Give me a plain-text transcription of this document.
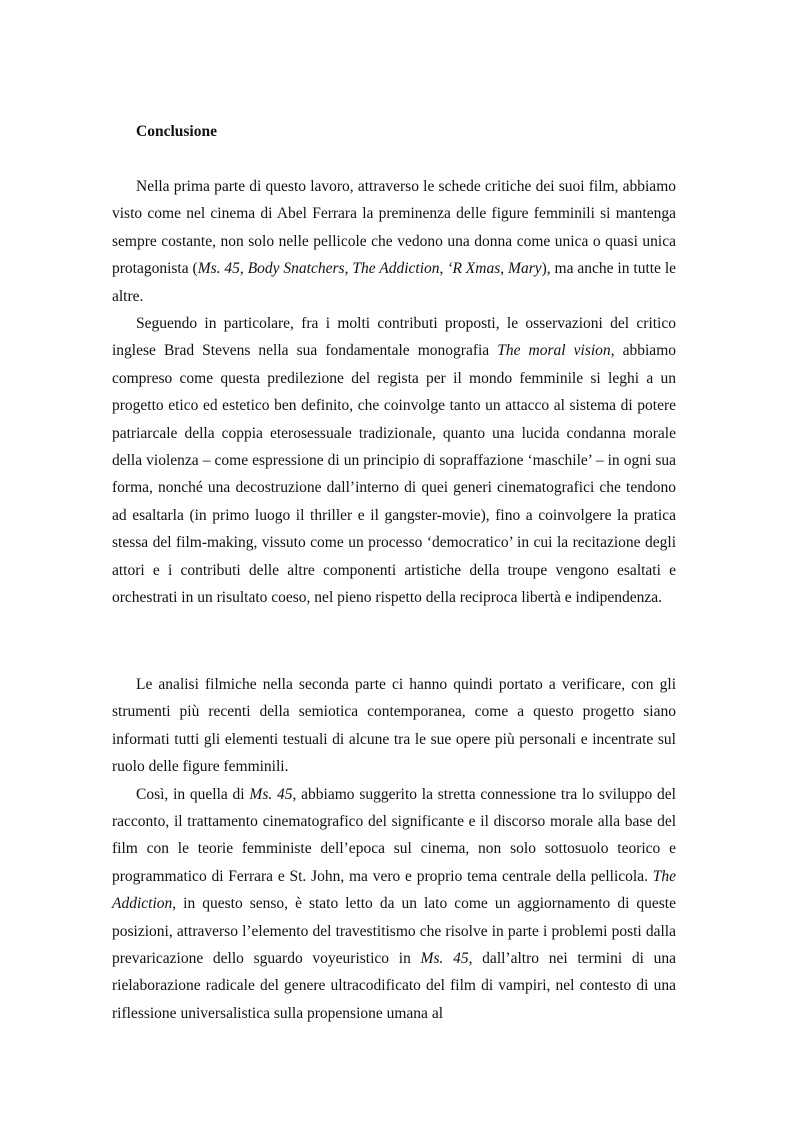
Conclusione

Nella prima parte di questo lavoro, attraverso le schede critiche dei suoi film, abbiamo visto come nel cinema di Abel Ferrara la preminenza delle figure femminili si mantenga sempre costante, non solo nelle pellicole che vedono una donna come unica o quasi unica protagonista (Ms. 45, Body Snatchers, The Addiction, ‘R Xmas, Mary), ma anche in tutte le altre.

Seguendo in particolare, fra i molti contributi proposti, le osservazioni del critico inglese Brad Stevens nella sua fondamentale monografia The moral vision, abbiamo compreso come questa predilezione del regista per il mondo femminile si leghi a un progetto etico ed estetico ben definito, che coinvolge tanto un attacco al sistema di potere patriarcale della coppia eterosessuale tradizionale, quanto una lucida condanna morale della violenza – come espressione di un principio di sopraffazione ‘maschile’ – in ogni sua forma, nonché una decostruzione dall’interno di quei generi cinematografici che tendono ad esaltarla (in primo luogo il thriller e il gangster-movie), fino a coinvolgere la pratica stessa del film-making, vissuto come un processo ‘democratico’ in cui la recitazione degli attori e i contributi delle altre componenti artistiche della troupe vengono esaltati e orchestrati in un risultato coeso, nel pieno rispetto della reciproca libertà e indipendenza.

Le analisi filmiche nella seconda parte ci hanno quindi portato a verificare, con gli strumenti più recenti della semiotica contemporanea, come a questo progetto siano informati tutti gli elementi testuali di alcune tra le sue opere più personali e incentrate sul ruolo delle figure femminili.

Così, in quella di Ms. 45, abbiamo suggerito la stretta connessione tra lo sviluppo del racconto, il trattamento cinematografico del significante e il discorso morale alla base del film con le teorie femministe dell’epoca sul cinema, non solo sottosuolo teorico e programmatico di Ferrara e St. John, ma vero e proprio tema centrale della pellicola. The Addiction, in questo senso, è stato letto da un lato come un aggiornamento di queste posizioni, attraverso l’elemento del travestitismo che risolve in parte i problemi posti dalla prevaricazione dello sguardo voyeuristico in Ms. 45, dall’altro nei termini di una rielaborazione radicale del genere ultracodificato del film di vampiri, nel contesto di una riflessione universalistica sulla propensione umana al
